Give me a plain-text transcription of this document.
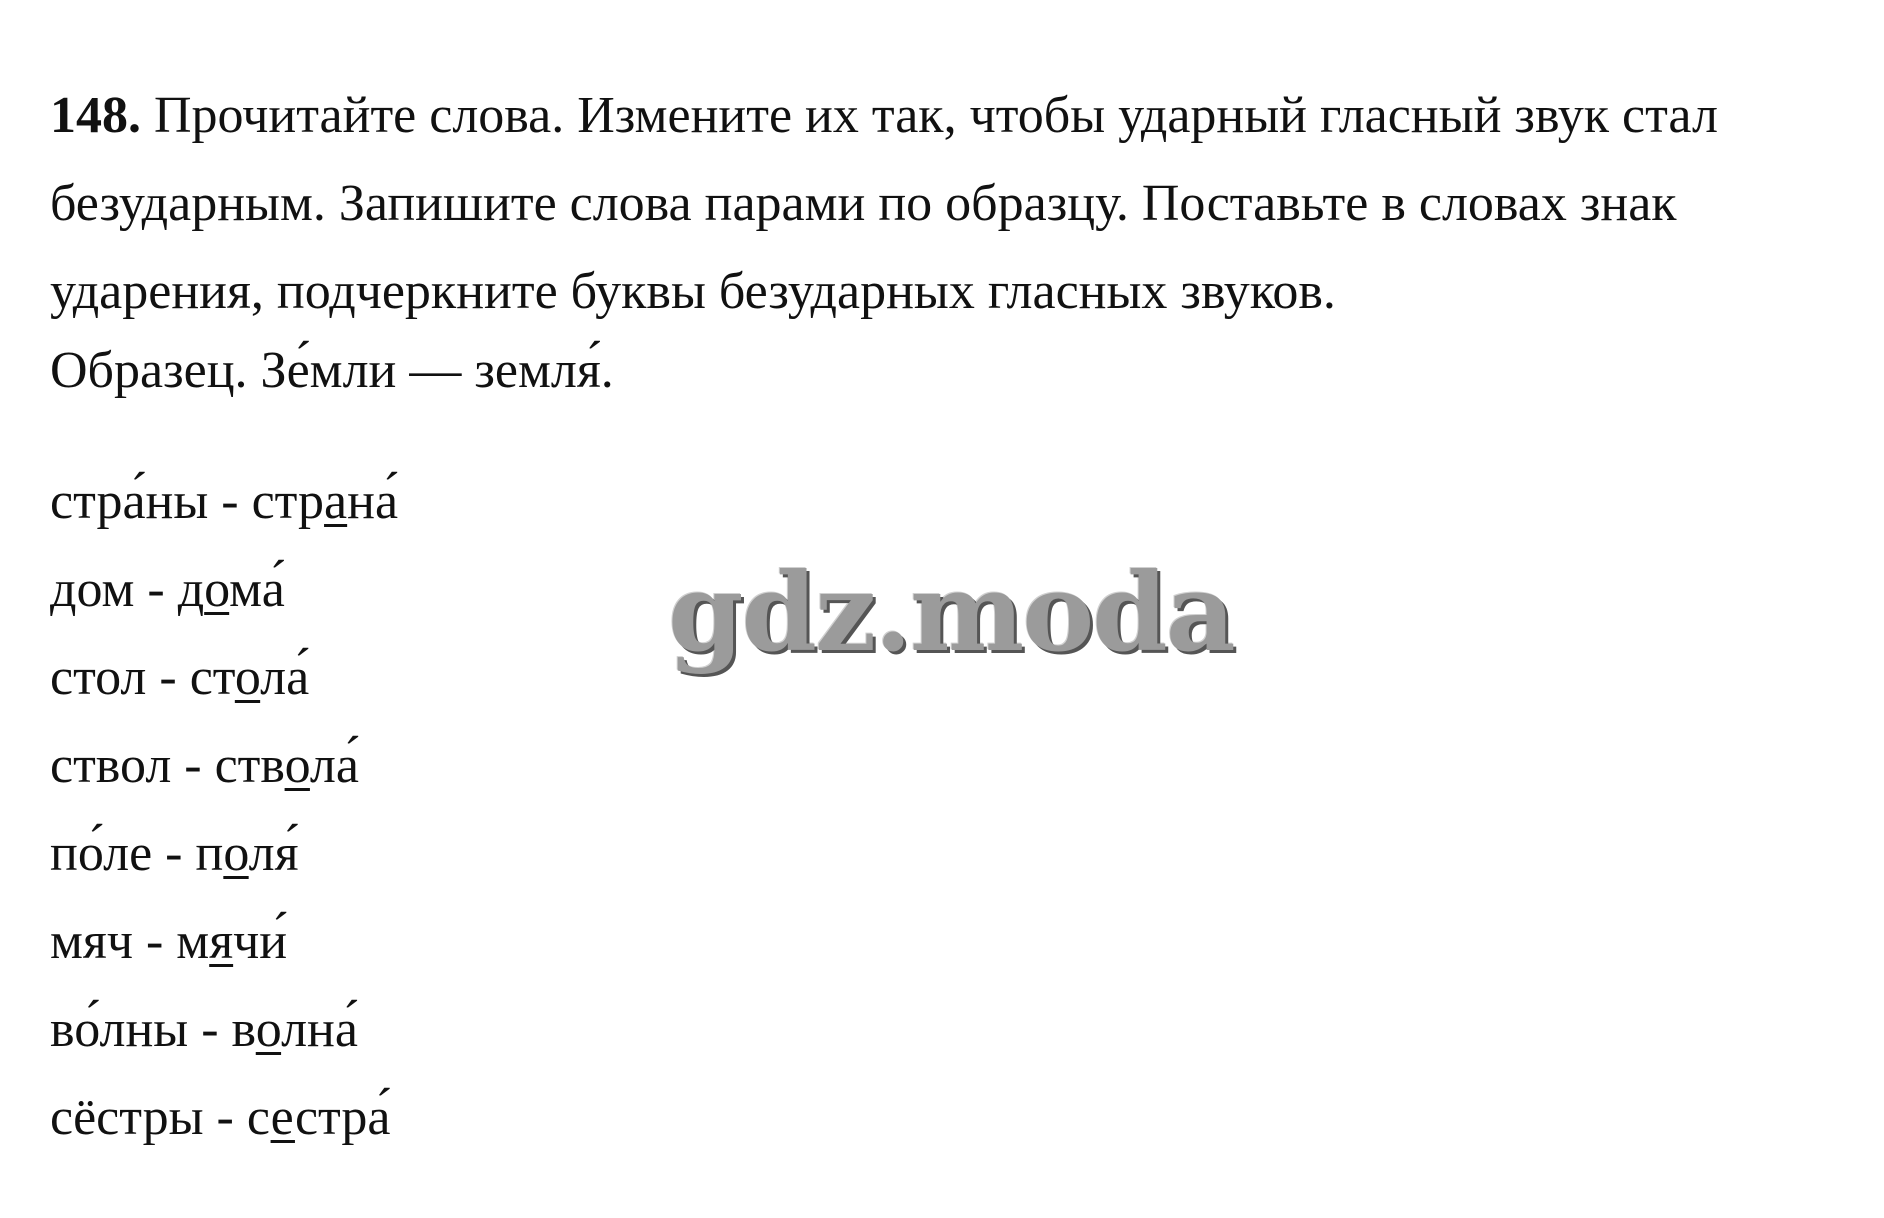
148. Прочитайте слова. Измените их так, чтобы ударный гласный звук стал безударным. Запишите слова парами по образцу. Поставьте в словах знак ударения, подчеркните буквы безударных гласных звуков.
Образец. Зе́мли — земля́.
стра́ны - страна́
дом - дома́
стол - стола́
ствол - ствола́
по́ле - поля́
мяч - мячи́
во́лны - волна́
сёстры - сестра́
gdz.moda
